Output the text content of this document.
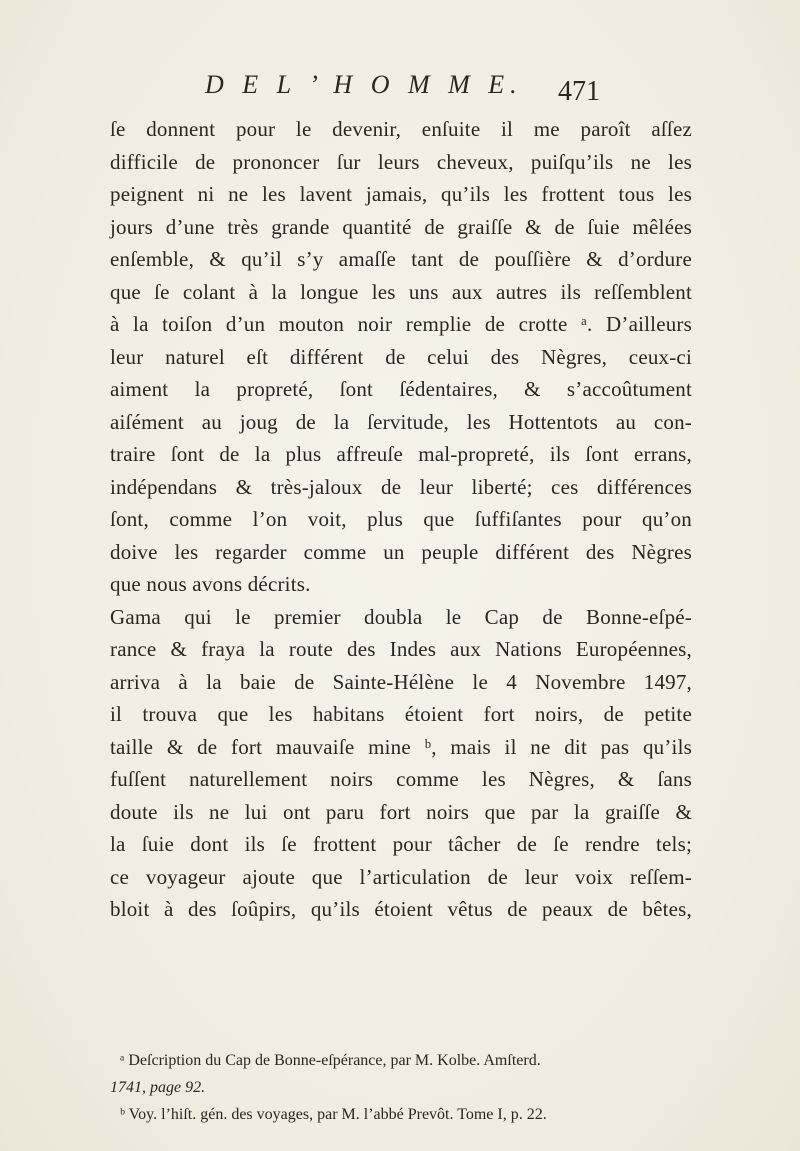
D E L ’ H O M M E. 471
ſe donnent pour le devenir, enſuite il me paroît aſſez
difficile de prononcer ſur leurs cheveux, puiſqu’ils ne les
peignent ni ne les lavent jamais, qu’ils les frottent tous les
jours d’une très grande quantité de graiſſe & de ſuie mêlées
enſemble, & qu’il s’y amaſſe tant de pouſſière & d’ordure
que ſe colant à la longue les uns aux autres ils reſſemblent
à la toiſon d’un mouton noir remplie de crotte ᵃ. D’ailleurs
leur naturel eſt différent de celui des Nègres, ceux-ci
aiment la propreté, ſont ſédentaires, & s’accoûtument
aiſément au joug de la ſervitude, les Hottentots au con-
traire ſont de la plus affreuſe mal-propreté, ils ſont errans,
indépendans & très-jaloux de leur liberté; ces différences
ſont, comme l’on voit, plus que ſuffiſantes pour qu’on
doive les regarder comme un peuple différent des Nègres
que nous avons décrits.
Gama qui le premier doubla le Cap de Bonne-eſpé-
rance & fraya la route des Indes aux Nations Européennes,
arriva à la baie de Sainte-Hélène le 4 Novembre 1497,
il trouva que les habitans étoient fort noirs, de petite
taille & de fort mauvaiſe mine ᵇ, mais il ne dit pas qu’ils
fuſſent naturellement noirs comme les Nègres, & ſans
doute ils ne lui ont paru fort noirs que par la graiſſe &
la ſuie dont ils ſe frottent pour tâcher de ſe rendre tels;
ce voyageur ajoute que l’articulation de leur voix reſſem-
bloit à des ſoûpirs, qu’ils étoient vêtus de peaux de bêtes,
ᵃ Deſcription du Cap de Bonne-eſpérance, par M. Kolbe. Amſterd.
1741, page 92.
ᵇ Voy. l’hiſt. gén. des voyages, par M. l’abbé Prevôt. Tome I, p. 22.
